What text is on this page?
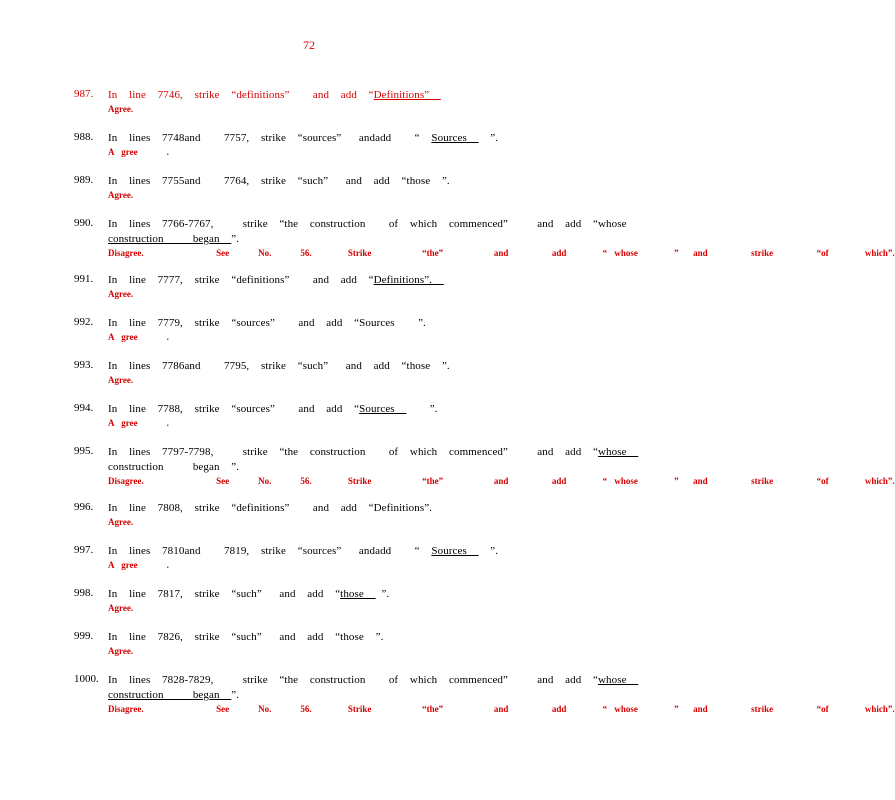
72
987.	In  line  7746,  strike  “definitions”    and  add  “Definitions”
Agree.
988.	In  lines  7748and    7757,  strike  “sources”   andadd    “  Sources    ”.
A gree    .
989.	In  lines  7755and    7764,  strike  “such”   and  add  “those  ”.
Agree.
990.	In  lines  7766-7767,     strike  “the  construction    of  which  commenced”     and  add  “whose
construction     began  ”.
Disagree.          See    No.    56.     Strike       “the”       and      add     “ whose     ”  and      strike      “of     which”.
991.	In  line  7777,  strike  “definitions”    and  add  “Definitions”.
Agree.
992.	In  line  7779,  strike  “sources”    and  add  “Sources    ”.
A gree    .
993.	In  lines  7786and    7795,  strike  “such”   and  add  “those  ”.
Agree.
994.	In  line  7788,  strike  “sources”    and  add  “Sources      ”.
A gree    .
995.	In  lines  7797-7798,     strike  “the  construction    of  which  commenced”     and  add  “whose
construction     began  ”.
Disagree.          See    No.    56.     Strike       “the”       and      add     “ whose     ”  and      strike      “of     which”.
996.	In  line  7808,  strike  “definitions”    and  add  “Definitions”.
Agree.
997.	In  lines  7810and    7819,  strike  “sources”   andadd    “  Sources    ”.
A gree    .
998.	In  line  7817,  strike  “such”   and  add  “those   ”.
Agree.
999.	In  line  7826,  strike  “such”   and  add  “those  ”.
Agree.
1000. In  lines  7828-7829,     strike  “the  construction    of  which  commenced”     and  add  “whose
construction     began  ”.
Disagree.          See    No.    56.     Strike       “the”       and      add     “ whose     ”  and      strike      “of     which”.
